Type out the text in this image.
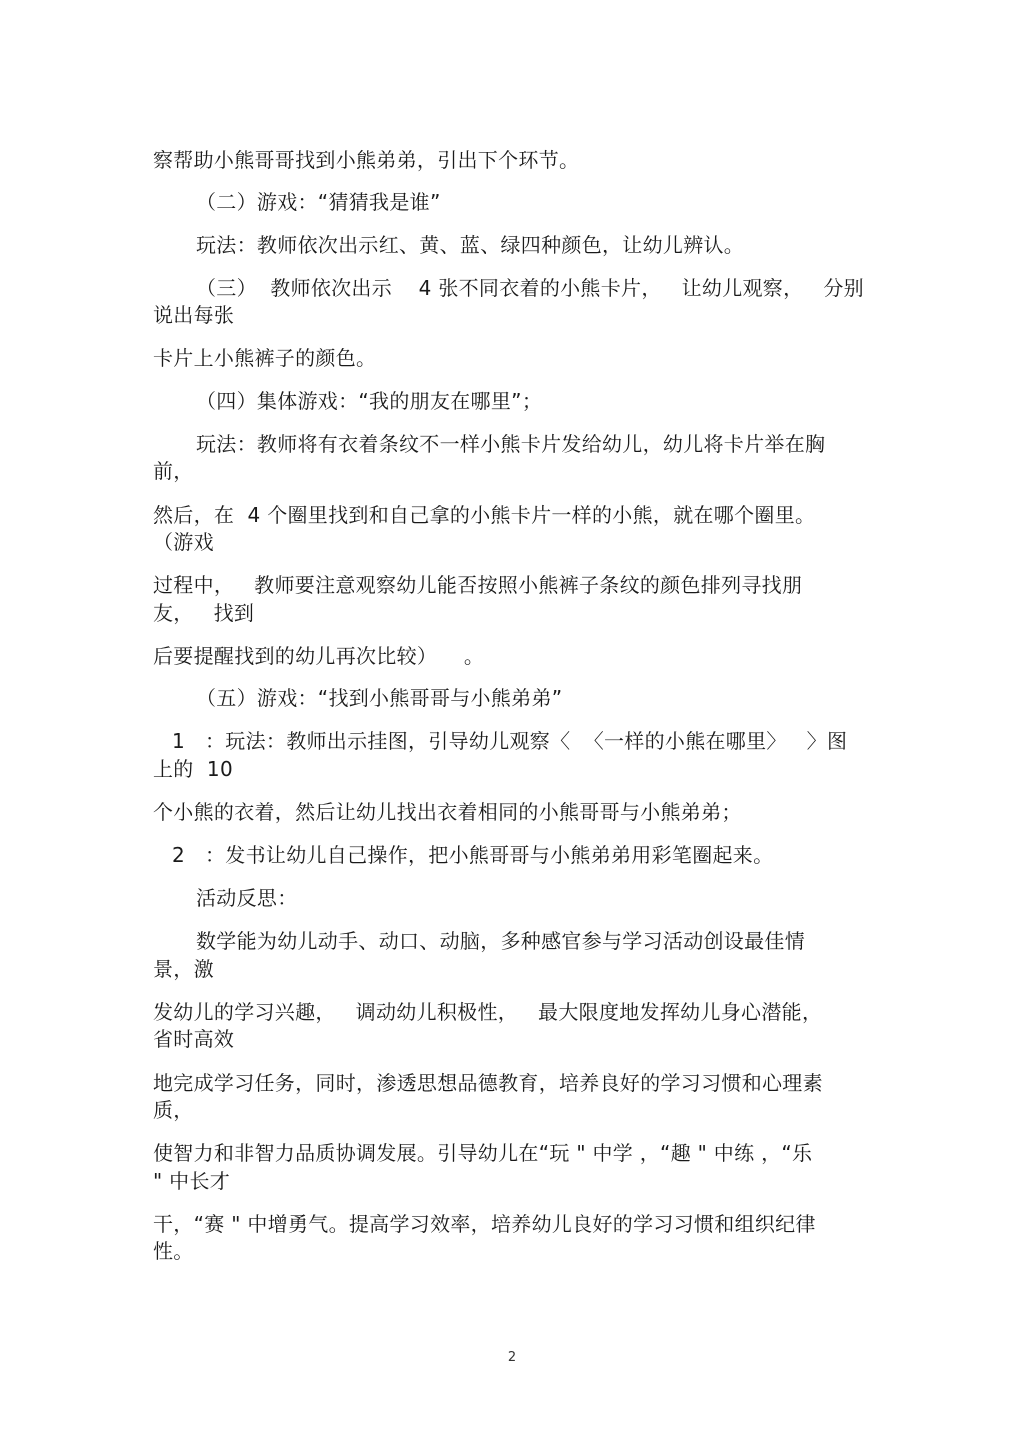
察帮助小熊哥哥找到小熊弟弟，引出下个环节。
（二）游戏：“猜猜我是谁”
玩法：教师依次出示红、黄、蓝、绿四种颜色，让幼儿辨认。
（三）  教师依次出示    4 张不同衣着的小熊卡片，   让幼儿观察，   分别
说出每张
卡片上小熊裤子的颜色。
（四）集体游戏：“我的朋友在哪里”；
玩法：教师将有衣着条纹不一样小熊卡片发给幼儿，幼儿将卡片举在胸
前，
然后，在  4 个圈里找到和自己拿的小熊卡片一样的小熊，就在哪个圈里。
（游戏
过程中，   教师要注意观察幼儿能否按照小熊裤子条纹的颜色排列寻找朋
友，   找到
后要提醒找到的幼儿再次比较）    。
（五）游戏：“找到小熊哥哥与小熊弟弟”
1   ：玩法：教师出示挂图，引导幼儿观察〈  〈一样的小熊在哪里〉   〉图
上的  10
个小熊的衣着，然后让幼儿找出衣着相同的小熊哥哥与小熊弟弟；
2   ：发书让幼儿自己操作，把小熊哥哥与小熊弟弟用彩笔圈起来。
活动反思：
数学能为幼儿动手、动口、动脑，多种感官参与学习活动创设最佳情
景，激
发幼儿的学习兴趣，   调动幼儿积极性，   最大限度地发挥幼儿身心潜能，
省时高效
地完成学习任务，同时，渗透思想品德教育，培养良好的学习习惯和心理素
质，
使智力和非智力品质协调发展。引导幼儿在“玩 " 中学 ，“趣 " 中练 ，“乐
" 中长才
干，“赛 " 中增勇气。提高学习效率，培养幼儿良好的学习习惯和组织纪律
性。
2
